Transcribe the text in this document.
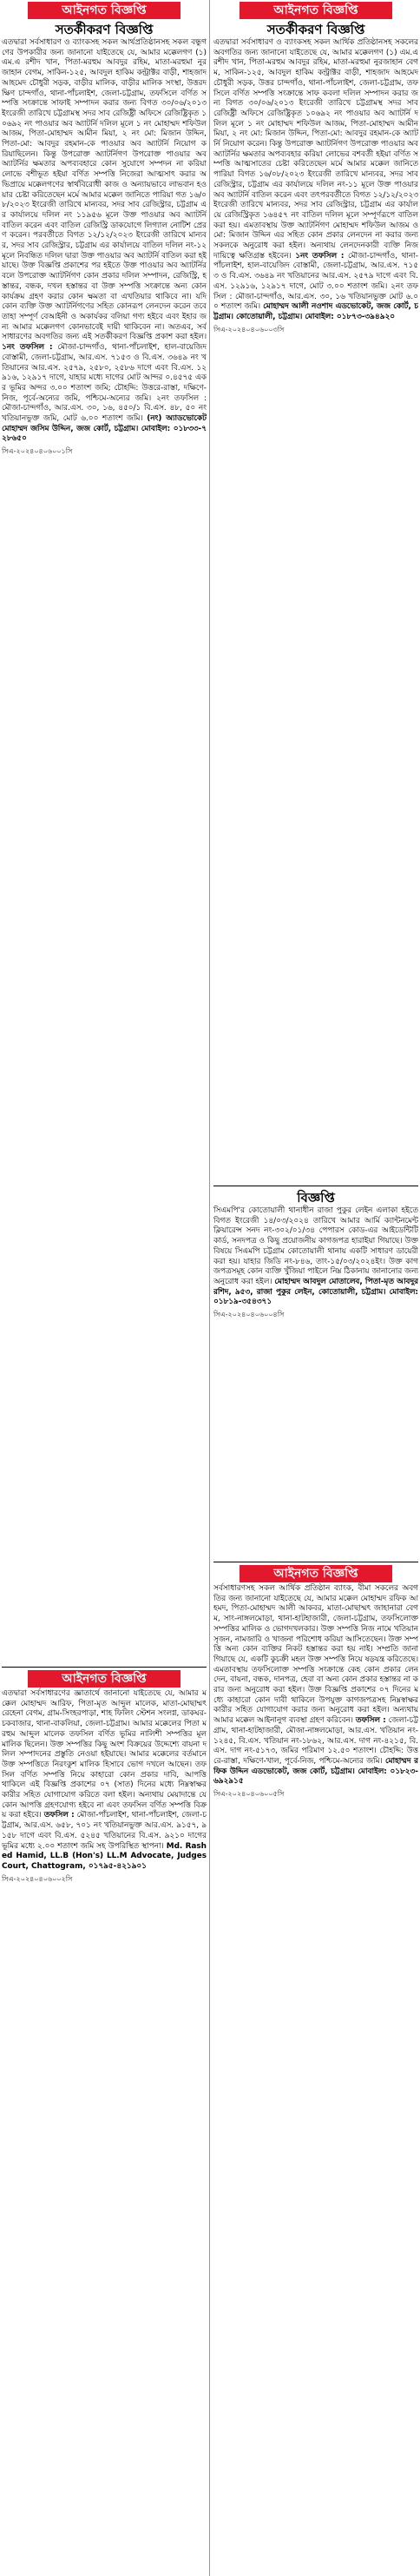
আইনগত বিজ্ঞপ্তি
সতর্কীকরণ বিজ্ঞপ্তি
এতদ্বারা সর্বসাধারণ ও ব্যাংকসহ সকল আর্থপ্রতিষ্ঠানসহ সকল বন্ধুগণের উপকারীর জন্য জানানো যাইতেছে যে, আমার মক্কেলগণ (১) এম.এ রশীদ খান, পিতা-মরহুম আবদুর রহিম, মাতা-মরহুমা নুরজাহান বেগম, সাকিন-১২৫, আবদুল হাকিম কন্ট্রাক্টর বাড়ী, শাহজাদ আহমেদ চৌধুরী সড়ক, বাড়ীর মালিক, বাড়ীর মালিক সংস্থা, উত্তরদক্ষিণ চান্দগাঁও, থানা-পাঁচলাইশ, জেলা-চট্টগ্রাম, তফসিলে বর্ণিত সম্পত্তি সংক্রান্তে সাফাই সম্পাদন করার জন্য বিগত ৩০/০৬/২০১৩ ইংরেজী তারিখে চট্টগ্রামস্থ সদর সাব রেজিষ্ট্রী অফিসে রেজিষ্ট্রিকৃত ১০৬৯২ নং পাওয়ার অব অ্যাটর্নি দলিল মূলে ১ নং মোহাম্মদ শফিউল আজম, পিতা-মোহাম্মদ আমীন মিয়া, ২ নং মো: মিজান উদ্দিন, পিতা-মো: আবদুর রহমান-কে পাওয়ার অব অ্যাটর্নি নিয়োগ করিয়াছিলেন। কিন্তু উপরোক্ত অ্যাটর্নিগণ উপরোক্ত পাওয়ার অব অ্যাটর্নির ক্ষমতার অপব্যবহারে কোন সুযোগে সম্পদন না করিয়া লোভে বশীভূত হইয়া বর্ণিত সম্পত্তি নিজেরা আত্মসাৎ করার অভিপ্রায়ে মক্কেলগণের স্বার্থবিরোধী কাজ ও অন্যায়ভাবে লাভবান হওয়ার চেষ্টা করিতেছেন মর্মে আমার মক্কেল জানিতে পারিয়া গত ১৬/০৮/২০২৩ ইংরেজী তারিখে মান্যবর, সদর সাব রেজিস্ট্রার, চট্টগ্রাম এর কার্যালয়ে দলিল নং ১১৯৫৬ মূলে উক্ত পাওয়ার অব অ্যাটর্নি বাতিল করেন এবং বাতিল রেজিস্ট্রি ডাকযোগে লিগ্যাল নোটিশ প্রেরণ করেন। পরবর্তীতে বিগত ১২/১২/২০২৩ ইংরেজী তারিখে মান্যবর, সদর সাব রেজিস্ট্রার, চট্টগ্রাম এর কার্যালয়ে বাতিল দলিল নং-১২ মূলে নিবন্ধিত দলিল দ্বারা উক্ত পাওয়ার অব অ্যাটর্নি বাতিল করা হইয়াছে। উক্ত বিজ্ঞপ্তি প্রকাশের পর হইতে উক্ত পাওয়ার অব অ্যাটর্নির বলে উপরোক্ত অ্যাটর্নিগণ কোন প্রকার দলিল সম্পাদন, রেজিস্ট্রি, হস্তান্তর, বন্ধক, দখল হস্তান্তর বা উক্ত সম্পত্তি সংক্রান্তে অন্য কোন কার্যক্রম গ্রহণ করার কোন ক্ষমতা বা এখতিয়ার থাকিবে না। যদি কোন ব্যক্তি উক্ত অ্যাটর্নিগণের সহিত কোনরূপ লেনদেন করেন তবে তাহা সম্পূর্ণ বেআইনী ও অকার্যকর বলিয়া গণ্য হইবে এবং ইহার জন্য আমার মক্কেলগণ কোনভাবেই দায়ী থাকিবেন না। অতএব, সর্বসাধারণের অবগতির জন্য এই সতর্কীকরণ বিজ্ঞপ্তি প্রকাশ করা হইল। ১নং তফসিল : মৌজা-চান্দগাঁও, থানা-পাঁচলাইশ, হাল-বায়েজিদ বোস্তামী, জেলা-চট্টগ্রাম, আর.এস. ৭১৫৩ ও বি.এস. ৩৬৪৯ নং খতিয়ানের আর.এস. ২৫৭৯, ২৫৮০, ২৫৮৬ দাগে এবং বি.এস. ১২৯১৬, ১২৯১৭ দাগে, যাহার মধ্যে দাগের মোট আন্দর ০.৪৫৭৫ একর ভূমির অন্দর ৩.০০ শতাংশ জমি; চৌহদ্দি: উত্তরে-রাস্তা, দক্ষিণে-নিজ, পূর্বে-অন্যের জমি, পশ্চিমে-অন্যের জমি। ২নং তফসিল : মৌজা-চান্দগাঁও, আর.এস. ৩০, ১৬, ৪৫০/১ বি.এস. ৪৮, ৫০ নং খতিয়ানভুক্ত জমি, মোট ৬.০০ শতাংশ জমি। (নং) অ্যাডভোকেট মোহাম্মদ জসিম উদ্দিন, জজ কোর্ট, চট্টগ্রাম। মোবাইল: ০১৮৩৩-৭২৮৬৫০
সিএ-২০২৪০৪০৬০০১সি
আইনগত বিজ্ঞপ্তি
এতদ্বারা সর্বসাধারণের জ্ঞাতার্থে জানানো যাইতেছে যে, আমার মক্কেল মোহাম্মদ আরিফ, পিতা-মৃত আব্দুল মালেক, মাতা-মোছাম্মৎ রেহেনা বেগম, গ্রাম-সিংহরপাড়া, শাহ ফিলিং স্টেশন সংলগ্ন, ডাকঘর-চকবাজার, থানা-বাকলিয়া, জেলা-চট্টগ্রাম। আমার মক্কেলের পিতা মরহুম আব্দুল মালেক তফসিল বর্ণিত ভূমির নালিশী সম্পত্তির মূল মালিক ছিলেন। উক্ত সম্পত্তির কিছু অংশ বিক্রয়ের উদ্দেশ্যে বায়না দলিল সম্পাদনের প্রস্তুতি নেওয়া হইয়াছে। আমার মক্কেলের বর্তমানে উক্ত সম্পত্তিতে নিরংকুশ মালিক হিসাবে ভোগ দখলে আছেন। তফসিল বর্ণিত সম্পত্তি নিয়ে কাহারো কোন প্রকার দাবি, আপত্তি থাকিলে এই বিজ্ঞপ্তি প্রকাশের ০৭ (সাত) দিনের মধ্যে নিম্নস্বাক্ষরকারীর সহিত যোগাযোগ করিতে বলা হইল। অন্যথায় মেয়াদান্তে যে কোন আপত্তি গ্রহণযোগ্য হইবে না এবং তফসিল বর্ণিত সম্পত্তি বিক্রয় করা হইবে। তফসিল : মৌজা-পাঁচলাইশ, থানা-পাঁচলাইশ, জেলা-চট্টগ্রাম, আর.এস. ৬৫৮, ৭০১ নং খতিয়ানভুক্ত আর.এস. ৯১৫৭, ৯১৫৮ দাগে এবং বি.এস. ৫২৪৫ খতিয়ানের বি.এস. ৯২১০ দাগের ভূমির মধ্যে ২.০০ শতাংশ জমি সহ উপরিস্থিত স্থাপনা। Md. Rashed Hamid, LL.B (Hon's) LL.M Advocate, Judges Court, Chattogram, ০১৭৯৫-৪২১৯০১
সিএ-২০২৪০৪০৬০০২সি
আইনগত বিজ্ঞপ্তি
সতর্কীকরণ বিজ্ঞপ্তি
এতদ্বারা সর্বসাধারণ ও ব্যাংকসহ সকল আর্থিক প্রতিষ্ঠানসহ সকলের অবগতির জন্য জানানো যাইতেছে যে, আমার মক্কেলগণ (১) এম.এ রশীদ খান, পিতা-মরহুম আবদুর রহিম, মাতা-মরহুমা নুরজাহান বেগম, সাকিন-১২৫, আবদুল হাকিম কন্ট্রাক্টর বাড়ী, শাহজাদ আহমেদ চৌধুরী সড়ক, উত্তর চান্দগাঁও, থানা-পাঁচলাইশ, জেলা-চট্টগ্রাম, তফসিলে বর্ণিত সম্পত্তি সংক্রান্তে সাফ কবলা দলিল সম্পাদন করার জন্য বিগত ৩০/০৬/২০১৩ ইংরেজী তারিখে চট্টগ্রামস্থ সদর সাব রেজিষ্ট্রী অফিসে রেজিষ্ট্রিকৃত ১০৬৯২ নং পাওয়ার অব অ্যাটর্নি দলিল মূলে ১ নং মোহাম্মদ শফিউল আজম, পিতা-মোহাম্মদ আমীন মিয়া, ২ নং মো: মিজান উদ্দিন, পিতা-মো: আবদুর রহমান-কে অ্যাটর্নি নিয়োগ করেন। কিন্তু উপরোক্ত অ্যাটর্নিগণ উপরোক্ত পাওয়ার অব অ্যাটর্নির ক্ষমতার অপব্যবহার করিয়া লোভের বশবর্তী হইয়া বর্ণিত সম্পত্তি আত্মসাতের চেষ্টা করিতেছেন মর্মে আমার মক্কেল জানিতে পারিয়া বিগত ১৬/০৮/২০২৩ ইংরেজী তারিখে মান্যবর, সদর সাব রেজিস্ট্রার, চট্টগ্রাম এর কার্যালয়ে দলিল নং-১১ মূলে উক্ত পাওয়ার অব অ্যাটর্নি বাতিল করেন এবং তৎপরবর্তীতে বিগত ১২/১২/২০২৩ ইংরেজী তারিখে মান্যবর, সদর সাব রেজিস্ট্রার, চট্টগ্রাম এর কার্যালয়ে রেজিস্ট্রিকৃত ১৬৪৫৭ নং বাতিল দলিল মূলে সম্পূর্ণরূপে বাতিল করা হয়। এমতাবস্থায় উক্ত অ্যাটর্নিগণ মোহাম্মদ শফিউল আজম ও মো: মিজান উদ্দিন এর সহিত কোন প্রকার লেনদেন না করার জন্য সকলকে অনুরোধ করা হইল। অন্যথায় লেনদেনকারী ব্যক্তি নিজ দায়িত্বে ক্ষতিগ্রস্ত হইবেন। ১নং তফসিল : মৌজা-চান্দগাঁও, থানা-পাঁচলাইশ, হাল-বায়েজিদ বোস্তামী, জেলা-চট্টগ্রাম, আর.এস. ৭১৫৩ ও বি.এস. ৩৬৪৯ নং খতিয়ানের আর.এস. ২৫৭৯ দাগে এবং বি.এস. ১২৯১৬, ১২৯১৭ দাগে, মোট ৩.০০ শতাংশ জমি। ২নং তফসিল : মৌজা-চান্দগাঁও, আর.এস. ৩০, ১৬ খতিয়ানভুক্ত মোট ৬.০০ শতাংশ জমি। মোহাম্মদ আলী নওশাদ এডভোকেট, জজ কোর্ট, চট্টগ্রাম। কোতোয়ালী, চট্টগ্রাম। মোবাইল: ০১৮৭৩-৩৯৪৯২০
সিএ-২০২৪০৪০৬০০৩সি
বিজ্ঞপ্তি
সিএমপি'র কোতোয়ালী থানাধীন রাজা পুকুর লেইন এলাকা হইতে বিগত ইংরেজী ১৪/০৩/২০২৪ তারিখে আমার আর্মি ক্যান্টনমেন্ট ক্লিয়ারেন্স সনদ নং-৩০২/০১/৩৪ পেপারস কোড-এর আইডেন্টিটি কার্ড, সনদপত্র ও কিছু প্রয়োজনীয় কাগজপত্র হারাইয়া গিয়াছে। উক্ত বিষয়ে সিএমপি চট্টগ্রাম কোতোয়ালী থানায় একটি সাধারণ ডায়েরী করা হয়। যাহার জিডি নং-৮৪৬, তাং-১৫/০৩/২০২৪ইং। উক্ত কাগজপত্রসমূহ কোন ব্যক্তি খুঁজিয়া পাইলে নিম্ন ঠিকানায় জানানোর জন্য অনুরোধ করা হইল। মোহাম্মদ আবদুল মোতালেব, পিতা-মৃত আবদুর রশিদ, ৯৫৩, রাজা পুকুর লেইন, কোতোয়ালী, চট্টগ্রাম। মোবাইল: ০১৮১৯-৩৫৪৩৭১
সিএ-২০২৪০৪০৬০০৪সি
আইনগত বিজ্ঞপ্তি
সর্বসাধারণসহ সকল আর্থিক প্রতিষ্ঠান ব্যাংক, বীমা সকলের অবগতির জন্য জানানো যাইতেছে যে, আমার মক্কেল মোহাম্মদ রফিক আহমদ, পিতা-মোহাম্মদ আলী আকবর, মাতা-মোছাম্মৎ জাহানারা বেগম, সাং-নাঙ্গলমোড়া, থানা-হাটহাজারী, জেলা-চট্টগ্রাম, তফসিলোক্ত সম্পত্তির মালিক ও ভোগদখলকার। উক্ত সম্পত্তি নিজ নামে খতিয়ান সৃজন, নামজারি ও খাজনা পরিশোধ করিয়া আসিতেছেন। উক্ত সম্পত্তি অন্য কোন ব্যক্তির নিকট হস্তান্তর করা হয় নাই। সম্প্রতি জানা গিয়াছে যে, একটি কুচক্রী মহল উক্ত সম্পত্তি নিয়ে ষড়যন্ত্র করিতেছে। এমতাবস্থায় তফসিলোক্ত সম্পত্তি সংক্রান্তে কেহ কোন প্রকার লেনদেন, বায়না, বন্ধক, দানপত্র, হেবা বা অন্য কোন প্রকার হস্তান্তর না করার জন্য অনুরোধ করা হইল। উক্ত বিজ্ঞপ্তি প্রকাশের ০৭ দিনের মধ্যে কাহারো কোন দাবী থাকিলে উপযুক্ত কাগজপত্রসহ নিম্নস্বাক্ষরকারীর সহিত যোগাযোগ করার জন্য অনুরোধ করা হইল। অন্যথায় আমার মক্কেল আইনানুগ ব্যবস্থা গ্রহণ করিবেন। তফসিল : জেলা-চট্টগ্রাম, থানা-হাটহাজারী, মৌজা-নাঙ্গলমোড়া, আর.এস. খতিয়ান নং-১২৪৫, বি.এস. খতিয়ান নং-১৮৬২, আর.এস. দাগ নং-৪২১৫, বি.এস. দাগ নং-৫১৭৩, জমির পরিমাণ ১২.৫০ শতাংশ। চৌহদ্দি: উত্তরে-রাস্তা, দক্ষিণে-খাল, পূর্বে-নিজ, পশ্চিমে-অন্যের জমি। মোহাম্মদ রফিক উদ্দিন এডভোকেট, জজ কোর্ট, চট্টগ্রাম। মোবাইল: ০১৮২৩-৬৯২৯১৫
সিএ-২০২৪০৪০৬০০৫সি
